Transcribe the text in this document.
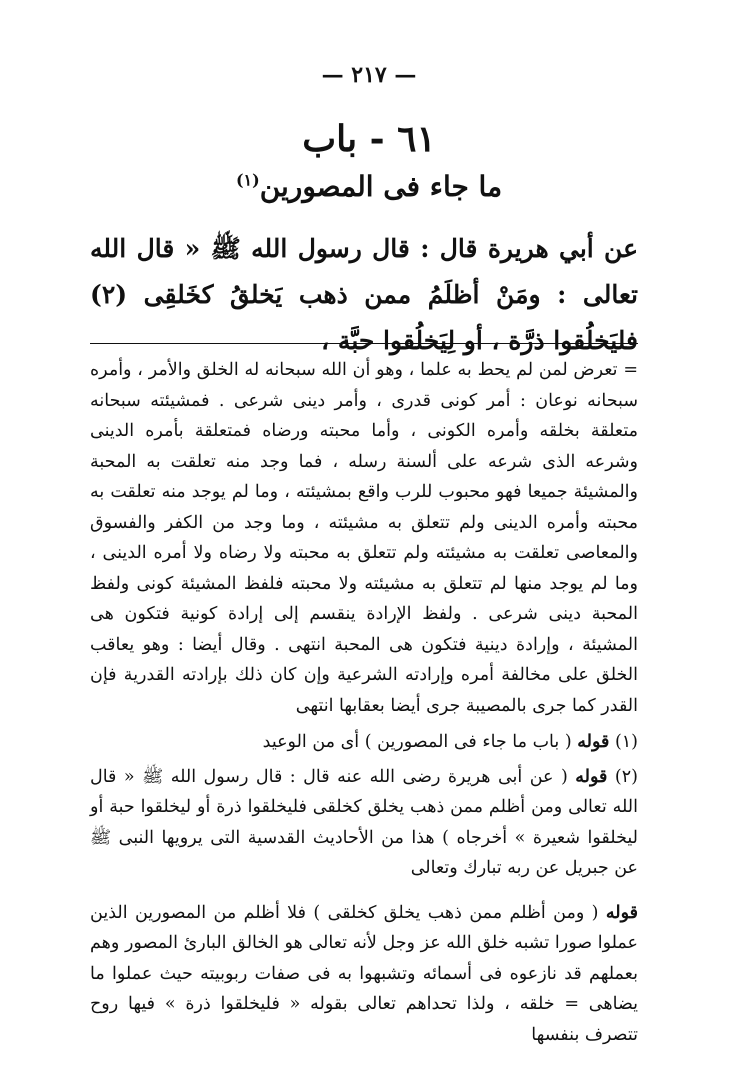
— ٢١٧ —
٦١ - باب
ما جاء فى المصورين$^{(١)}$
عن أبي هريرة قال : قال رسول الله ﷺ « قال الله تعالى : ومَنْ أظلَمُ ممن ذهب يَخلقُ كخَلقِى (٢) فليَخلُقوا ذرَّة ، أو لِيَخلُقوا حبَّة ،

= تعرض لمن لم يحط به علما ، وهو أن الله سبحانه له الخلق والأمر ، وأمره سبحانه نوعان : أمر كونى قدرى ، وأمر دينى شرعى . فمشيئته سبحانه متعلقة بخلقه وأمره الكونى ، وأما محبته ورضاه فمتعلقة بأمره الدينى وشرعه الذى شرعه على ألسنة رسله ، فما وجد منه تعلقت به المحبة والمشيئة جميعا فهو محبوب للرب واقع بمشيئته ، وما لم يوجد منه تعلقت به محبته وأمره الدينى ولم تتعلق به مشيئته ، وما وجد من الكفر والفسوق والمعاصى تعلقت به مشيئته ولم تتعلق به محبته ولا رضاه ولا أمره الدينى ، وما لم يوجد منها لم تتعلق به مشيئته ولا محبته فلفظ المشيئة كونى ولفظ المحبة دينى شرعى . ولفظ الإرادة ينقسم إلى إرادة كونية فتكون هى المشيئة ، وإرادة دينية فتكون هى المحبة انتهى . وقال أيضا : وهو يعاقب الخلق على مخالفة أمره وإرادته الشرعية وإن كان ذلك بإرادته القدرية فإن القدر كما جرى بالمصيبة جرى أيضا بعقابها انتهى

(١) قوله ( باب ما جاء فى المصورين ) أى من الوعيد

(٢) قوله ( عن أبى هريرة رضى الله عنه قال : قال رسول الله ﷺ « قال الله تعالى ومن أظلم ممن ذهب يخلق كخلقى فليخلقوا ذرة أو ليخلقوا حبة أو ليخلقوا شعيرة » أخرجاه ) هذا من الأحاديث القدسية التى يرويها النبى ﷺ عن جبريل عن ربه تبارك وتعالى

قوله ( ومن أظلم ممن ذهب يخلق كخلقى ) فلا أظلم من المصورين الذين عملوا صورا تشبه خلق الله عز وجل لأنه تعالى هو الخالق البارئ المصور وهم بعملهم قد نازعوه فى أسمائه وتشبهوا به فى صفات ربوبيته حيث عملوا ما يضاهى = خلقه ، ولذا تحداهم تعالى بقوله « فليخلقوا ذرة » فيها روح تتصرف بنفسها
